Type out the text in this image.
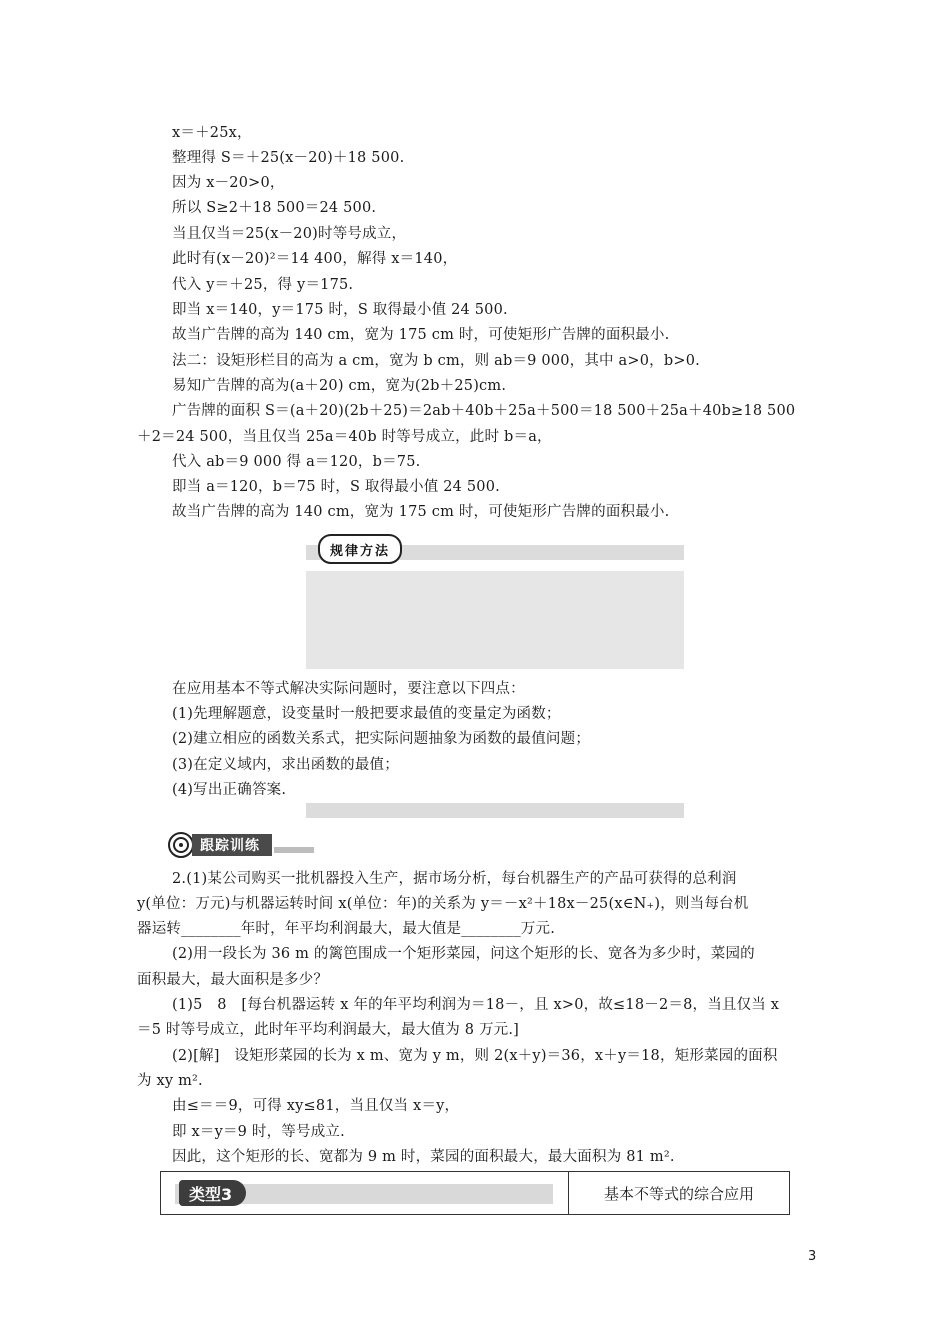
x＝＋25x，
整理得 S＝＋25(x－20)＋18 500.
因为 x－20>0，
所以 S≥2＋18 500＝24 500.
当且仅当＝25(x－20)时等号成立，
此时有(x－20)²＝14 400，解得 x＝140，
代入 y＝＋25，得 y＝175.
即当 x＝140，y＝175 时，S 取得最小值 24 500.
故当广告牌的高为 140 cm，宽为 175 cm 时，可使矩形广告牌的面积最小.
法二：设矩形栏目的高为 a cm，宽为 b cm，则 ab＝9 000，其中 a>0，b>0.
易知广告牌的高为(a＋20) cm，宽为(2b＋25)cm.
广告牌的面积 S＝(a＋20)(2b＋25)＝2ab＋40b＋25a＋500＝18 500＋25a＋40b≥18 500
＋2＝24 500，当且仅当 25a＝40b 时等号成立，此时 b＝a，
代入 ab＝9 000 得 a＝120，b＝75.
即当 a＝120，b＝75 时，S 取得最小值 24 500.
故当广告牌的高为 140 cm，宽为 175 cm 时，可使矩形广告牌的面积最小.
规律方法
在应用基本不等式解决实际问题时，要注意以下四点：
(1)先理解题意，设变量时一般把要求最值的变量定为函数；
(2)建立相应的函数关系式，把实际问题抽象为函数的最值问题；
(3)在定义域内，求出函数的最值；
(4)写出正确答案.
跟踪训练
2.(1)某公司购买一批机器投入生产，据市场分析，每台机器生产的产品可获得的总利润
y(单位：万元)与机器运转时间 x(单位：年)的关系为 y＝－x²＋18x－25(x∈N₊)，则当每台机
器运转________年时，年平均利润最大，最大值是________万元.
(2)用一段长为 36 m 的篱笆围成一个矩形菜园，问这个矩形的长、宽各为多少时，菜园的
面积最大，最大面积是多少？
(1)5　8　[每台机器运转 x 年的年平均利润为＝18－，且 x>0，故≤18－2＝8，当且仅当 x
＝5 时等号成立，此时年平均利润最大，最大值为 8 万元.]
(2)[解]　设矩形菜园的长为 x m、宽为 y m，则 2(x＋y)＝36，x＋y＝18，矩形菜园的面积
为 xy m².
由≤＝＝9，可得 xy≤81，当且仅当 x＝y，
即 x＝y＝9 时，等号成立.
因此，这个矩形的长、宽都为 9 m 时，菜园的面积最大，最大面积为 81 m².
类型3	基本不等式的综合应用
3
